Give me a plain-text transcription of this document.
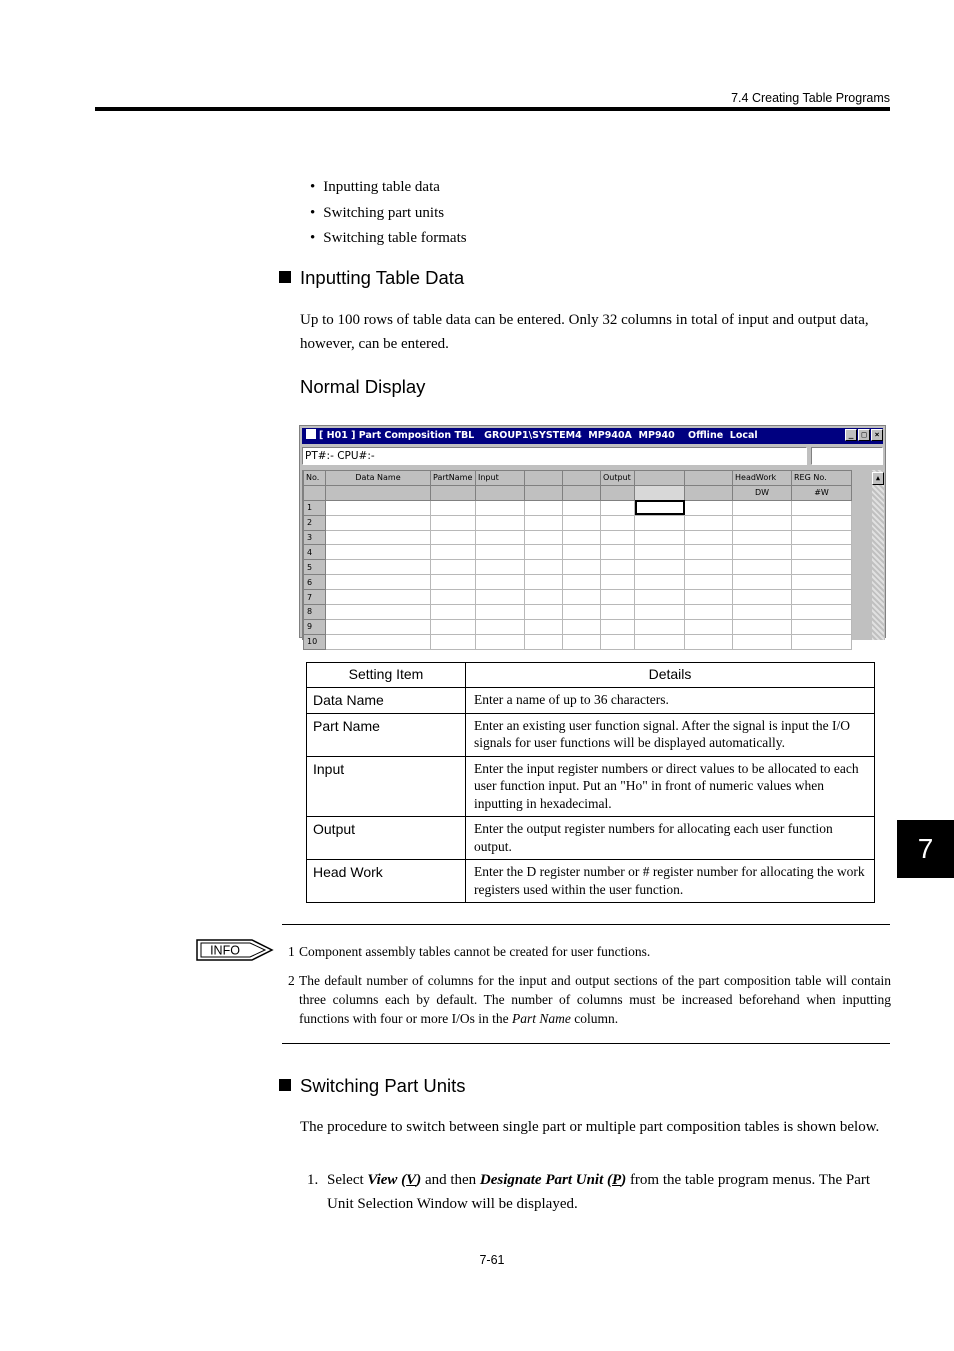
7.4 Creating Table Programs
• Inputting table data
• Switching part units
• Switching table formats
Inputting Table Data

Up to 100 rows of table data can be entered. Only 32 columns in total of input and output data, however, can be entered.

Normal Display
[ H01 ] Part Composition TBL   GROUP1\SYSTEM4  MP940A  MP940    Offline  Local	_	□	×
PT#:- CPU#:-
No.	Data Name	PartName	Input			Output			HeadWork	REG No.
									DW	#W
1										
2										
3										
4										
5										
6										
7										
8										
9										
10										
▲
Setting Item	Details
Data Name	Enter a name of up to 36 characters.
Part Name	Enter an existing user function signal. After the signal is input the I/O signals for user functions will be displayed automatically.
Input	Enter the input register numbers or direct values to be allocated to each user function input. Put an "Ho" in front of numeric values when inputting in hexadecimal.
Output	Enter the output register numbers for allocating each user function output.
Head Work	Enter the D register number or # register number for allocating the work registers used within the user function.
INFO	1 Component assembly tables cannot be created for user functions.
2 The default number of columns for the input and output sections of the part composition table will contain three columns each by default. The number of columns must be increased beforehand when inputting functions with four or more I/Os in the Part Name column.
Switching Part Units

The procedure to switch between single part or multiple part composition tables is shown below.

1. Select View (V) and then Designate Part Unit (P) from the table program menus. The Part Unit Selection Window will be displayed.

7
7-61
